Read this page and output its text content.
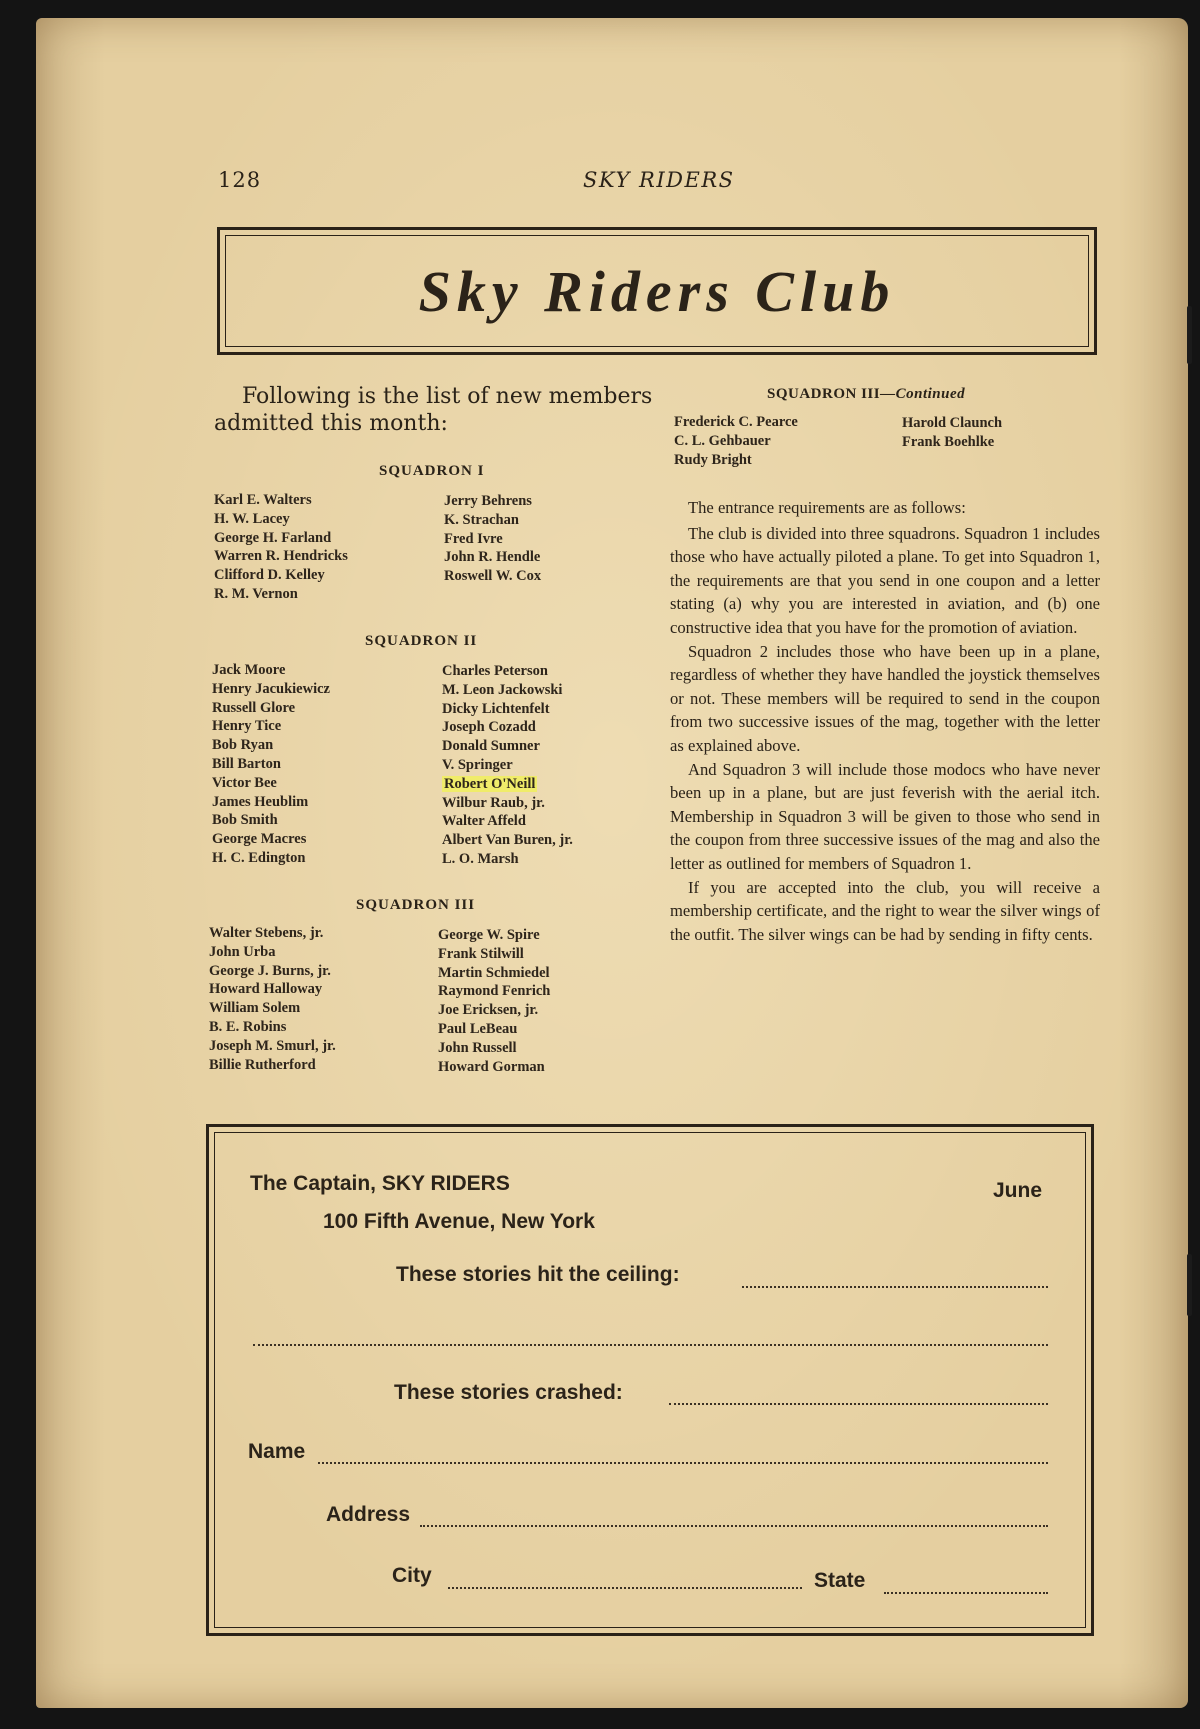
128	SKY RIDERS
Sky Riders Club
Following is the list of new members admitted this month:
SQUADRON I
Karl E. Walters
H. W. Lacey
George H. Farland
Warren R. Hendricks
Clifford D. Kelley
R. M. Vernon
Jerry Behrens
K. Strachan
Fred Ivre
John R. Hendle
Roswell W. Cox
SQUADRON II
Jack Moore
Henry Jacukiewicz
Russell Glore
Henry Tice
Bob Ryan
Bill Barton
Victor Bee
James Heublim
Bob Smith
George Macres
H. C. Edington
Charles Peterson
M. Leon Jackowski
Dicky Lichtenfelt
Joseph Cozadd
Donald Sumner
V. Springer
Robert O'Neill
Wilbur Raub, jr.
Walter Affeld
Albert Van Buren, jr.
L. O. Marsh
SQUADRON III
Walter Stebens, jr.
John Urba
George J. Burns, jr.
Howard Halloway
William Solem
B. E. Robins
Joseph M. Smurl, jr.
Billie Rutherford
George W. Spire
Frank Stilwill
Martin Schmiedel
Raymond Fenrich
Joe Ericksen, jr.
Paul LeBeau
John Russell
Howard Gorman
SQUADRON III—Continued
Frederick C. Pearce
C. L. Gehbauer
Rudy Bright
Harold Claunch
Frank Boehlke

The entrance requirements are as follows:

The club is divided into three squadrons. Squadron 1 includes those who have actually piloted a plane. To get into Squadron 1, the requirements are that you send in one coupon and a letter stating (a) why you are interested in aviation, and (b) one constructive idea that you have for the promotion of aviation.

Squadron 2 includes those who have been up in a plane, regardless of whether they have handled the joystick themselves or not. These members will be required to send in the coupon from two successive issues of the mag, together with the letter as explained above.

And Squadron 3 will include those modocs who have never been up in a plane, but are just feverish with the aerial itch. Membership in Squadron 3 will be given to those who send in the coupon from three successive issues of the mag and also the letter as outlined for members of Squadron 1.

If you are accepted into the club, you will receive a membership certificate, and the right to wear the silver wings of the outfit. The silver wings can be had by sending in fifty cents.

The Captain, SKY RIDERS	June
100 Fifth Avenue, New York
These stories hit the ceiling:
These stories crashed:
Name
Address
City	State
